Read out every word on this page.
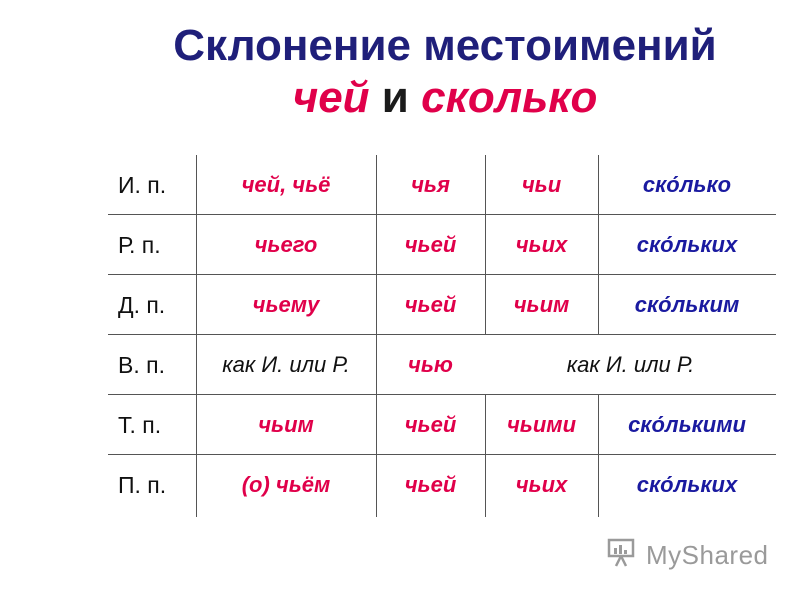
Склонение местоимений
чей и сколько
И. п.	чей, чьё	чья	чьи	ско́лько
Р. п.	чьего	чьей	чьих	ско́льких
Д. п.	чьему	чьей	чьим	ско́льким
В. п.	как И. или Р.	чью	как И. или Р.
Т. п.	чьим	чьей	чьими	ско́лькими
П. п.	(о) чьём	чьей	чьих	ско́льких
MyShared
